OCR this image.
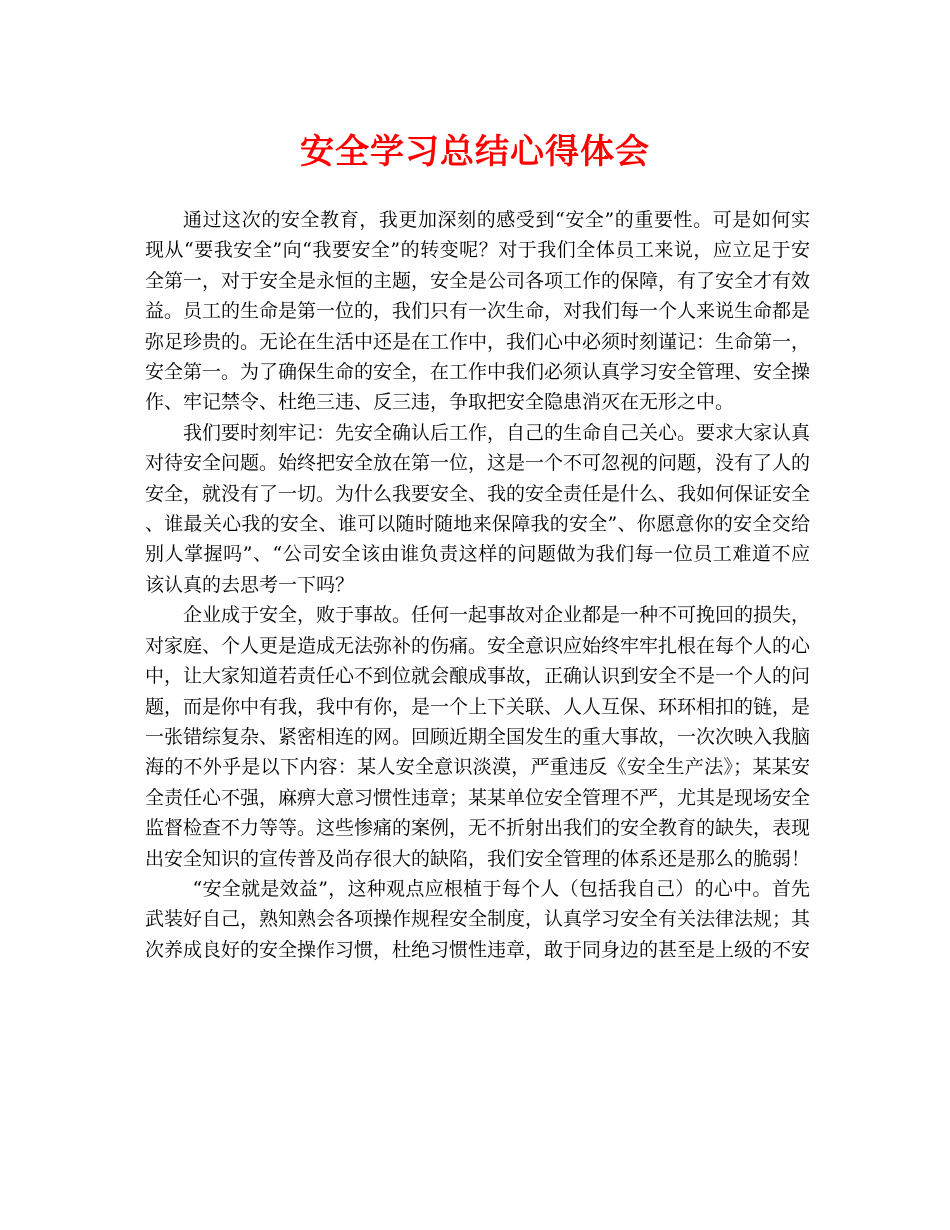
安全学习总结心得体会

通过这次的安全教育，我更加深刻的感受到“安全”的重要性。可是如何实现从“要我安全”向“我要安全”的转变呢？对于我们全体员工来说，应立足于安全第一，对于安全是永恒的主题，安全是公司各项工作的保障，有了安全才有效益。员工的生命是第一位的，我们只有一次生命，对我们每一个人来说生命都是弥足珍贵的。无论在生活中还是在工作中，我们心中必须时刻谨记：生命第一，安全第一。为了确保生命的安全，在工作中我们必须认真学习安全管理、安全操作、牢记禁令、杜绝三违、反三违，争取把安全隐患消灭在无形之中。

我们要时刻牢记：先安全确认后工作，自己的生命自己关心。要求大家认真对待安全问题。始终把安全放在第一位，这是一个不可忽视的问题，没有了人的安全，就没有了一切。为什么我要安全、我的安全责任是什么、我如何保证安全、谁最关心我的安全、谁可以随时随地来保障我的安全”、你愿意你的安全交给别人掌握吗”、“公司安全该由谁负责这样的问题做为我们每一位员工难道不应该认真的去思考一下吗？

企业成于安全，败于事故。任何一起事故对企业都是一种不可挽回的损失，对家庭、个人更是造成无法弥补的伤痛。安全意识应始终牢牢扎根在每个人的心中，让大家知道若责任心不到位就会酿成事故，正确认识到安全不是一个人的问题，而是你中有我，我中有你，是一个上下关联、人人互保、环环相扣的链，是一张错综复杂、紧密相连的网。回顾近期全国发生的重大事故，一次次映入我脑海的不外乎是以下内容：某人安全意识淡漠，严重违反《安全生产法》；某某安全责任心不强，麻痹大意习惯性违章；某某单位安全管理不严，尤其是现场安全监督检查不力等等。这些惨痛的案例，无不折射出我们的安全教育的缺失，表现出安全知识的宣传普及尚存很大的缺陷，我们安全管理的体系还是那么的脆弱！

“安全就是效益”，这种观点应根植于每个人（包括我自己）的心中。首先武装好自己，熟知熟会各项操作规程安全制度，认真学习安全有关法律法规；其次养成良好的安全操作习惯，杜绝习惯性违章，敢于同身边的甚至是上级的不安
